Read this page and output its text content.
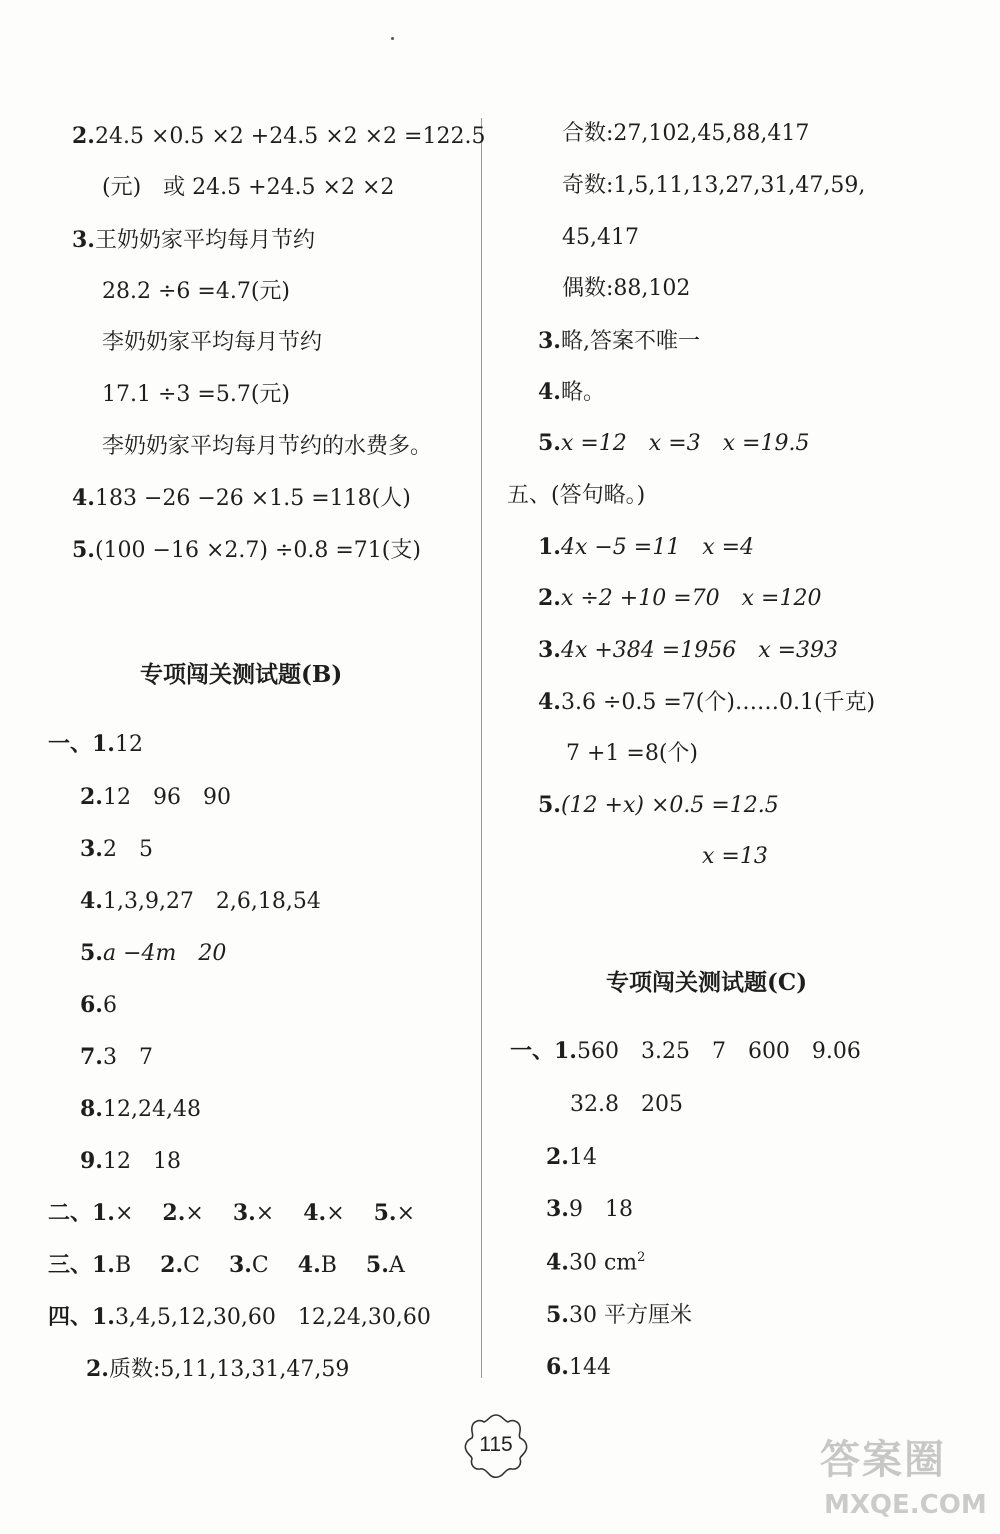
2.24.5 ×0.5 ×2 +24.5 ×2 ×2 =122.5
(元)　或 24.5 +24.5 ×2 ×2
3.王奶奶家平均每月节约
28.2 ÷6 =4.7(元)
李奶奶家平均每月节约
17.1 ÷3 =5.7(元)
李奶奶家平均每月节约的水费多。
4.183 −26 −26 ×1.5 =118(人)
5.(100 −16 ×2.7) ÷0.8 =71(支)
专项闯关测试题(B)
一、1.12
2.12　96　90
3.2　5
4.1,3,9,27　2,6,18,54
5.a −4m　20
6.6
7.3　7
8.12,24,48
9.12　18
二、1.×　 2.×　 3.×　 4.×　 5.×
三、1.B　 2.C　 3.C　 4.B　 5.A
四、1.3,4,5,12,30,60　12,24,30,60
2.质数:5,11,13,31,47,59
合数:27,102,45,88,417
奇数:1,5,11,13,27,31,47,59,
45,417
偶数:88,102
3.略,答案不唯一
4.略。
5.x =12　x =3　x =19.5
五、(答句略。)
1.4x −5 =11　x =4
2.x ÷2 +10 =70　x =120
3.4x +384 =1956　x =393
4.3.6 ÷0.5 =7(个)……0.1(千克)
7 +1 =8(个)
5.(12 +x) ×0.5 =12.5
x =13
专项闯关测试题(C)
一、1.560　3.25　7　600　9.06
32.8　205
2.14
3.9　18
4.30 $cm^2$
5.30 平方厘米
6.144
115	答案圈
MXQE.COM
